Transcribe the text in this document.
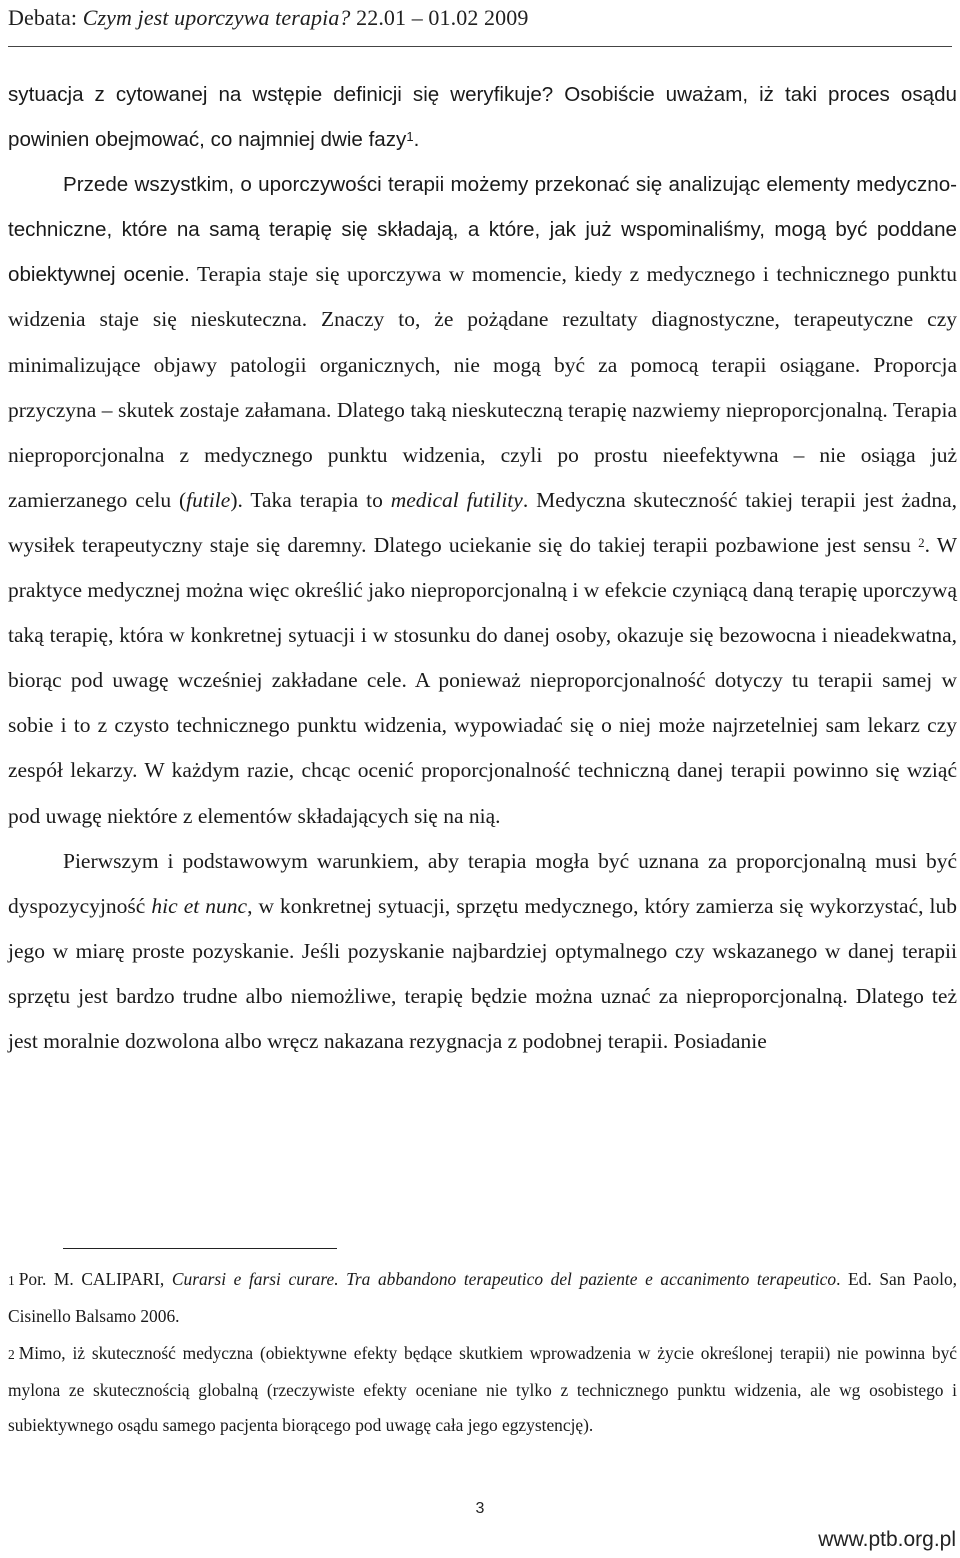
Debata: Czym jest uporczywa terapia? 22.01 – 01.02 2009

sytuacja z cytowanej na wstępie definicji się weryfikuje? Osobiście uważam, iż taki proces osądu powinien obejmować, co najmniej dwie fazy$^1$.

Przede wszystkim, o uporczywości terapii możemy przekonać się analizując elementy medyczno-techniczne, które na samą terapię się składają, a które, jak już wspominaliśmy, mogą być poddane obiektywnej ocenie. Terapia staje się uporczywa w momencie, kiedy z medycznego i technicznego punktu widzenia staje się nieskuteczna. Znaczy to, że pożądane rezultaty diagnostyczne, terapeutyczne czy minimalizujące objawy patologii organicznych, nie mogą być za pomocą terapii osiągane. Proporcja przyczyna – skutek zostaje załamana. Dlatego taką nieskuteczną terapię nazwiemy nieproporcjonalną. Terapia nieproporcjonalna z medycznego punktu widzenia, czyli po prostu nieefektywna – nie osiąga już zamierzanego celu (futile). Taka terapia to medical futility. Medyczna skuteczność takiej terapii jest żadna, wysiłek terapeutyczny staje się daremny. Dlatego uciekanie się do takiej terapii pozbawione jest sensu $^2$. W praktyce medycznej można więc określić jako nieproporcjonalną i w efekcie czyniącą daną terapię uporczywą taką terapię, która w konkretnej sytuacji i w stosunku do danej osoby, okazuje się bezowocna i nieadekwatna, biorąc pod uwagę wcześniej zakładane cele. A ponieważ nieproporcjonalność dotyczy tu terapii samej w sobie i to z czysto technicznego punktu widzenia, wypowiadać się o niej może najrzetelniej sam lekarz czy zespół lekarzy. W każdym razie, chcąc ocenić proporcjonalność techniczną danej terapii powinno się wziąć pod uwagę niektóre z elementów składających się na nią.

Pierwszym i podstawowym warunkiem, aby terapia mogła być uznana za proporcjonalną musi być dyspozycyjność hic et nunc, w konkretnej sytuacji, sprzętu medycznego, który zamierza się wykorzystać, lub jego w miarę proste pozyskanie. Jeśli pozyskanie najbardziej optymalnego czy wskazanego w danej terapii sprzętu jest bardzo trudne albo niemożliwe, terapię będzie można uznać za nieproporcjonalną. Dlatego też jest moralnie dozwolona albo wręcz nakazana rezygnacja z podobnej terapii. Posiadanie

1 Por. M. CALIPARI, Curarsi e farsi curare. Tra abbandono terapeutico del paziente e accanimento terapeutico. Ed. San Paolo, Cisinello Balsamo 2006.

2 Mimo, iż skuteczność medyczna (obiektywne efekty będące skutkiem wprowadzenia w życie określonej terapii) nie powinna być mylona ze skutecznością globalną (rzeczywiste efekty oceniane nie tylko z technicznego punktu widzenia, ale wg osobistego i subiektywnego osądu samego pacjenta biorącego pod uwagę cała jego egzystencję).

3
www.ptb.org.pl
